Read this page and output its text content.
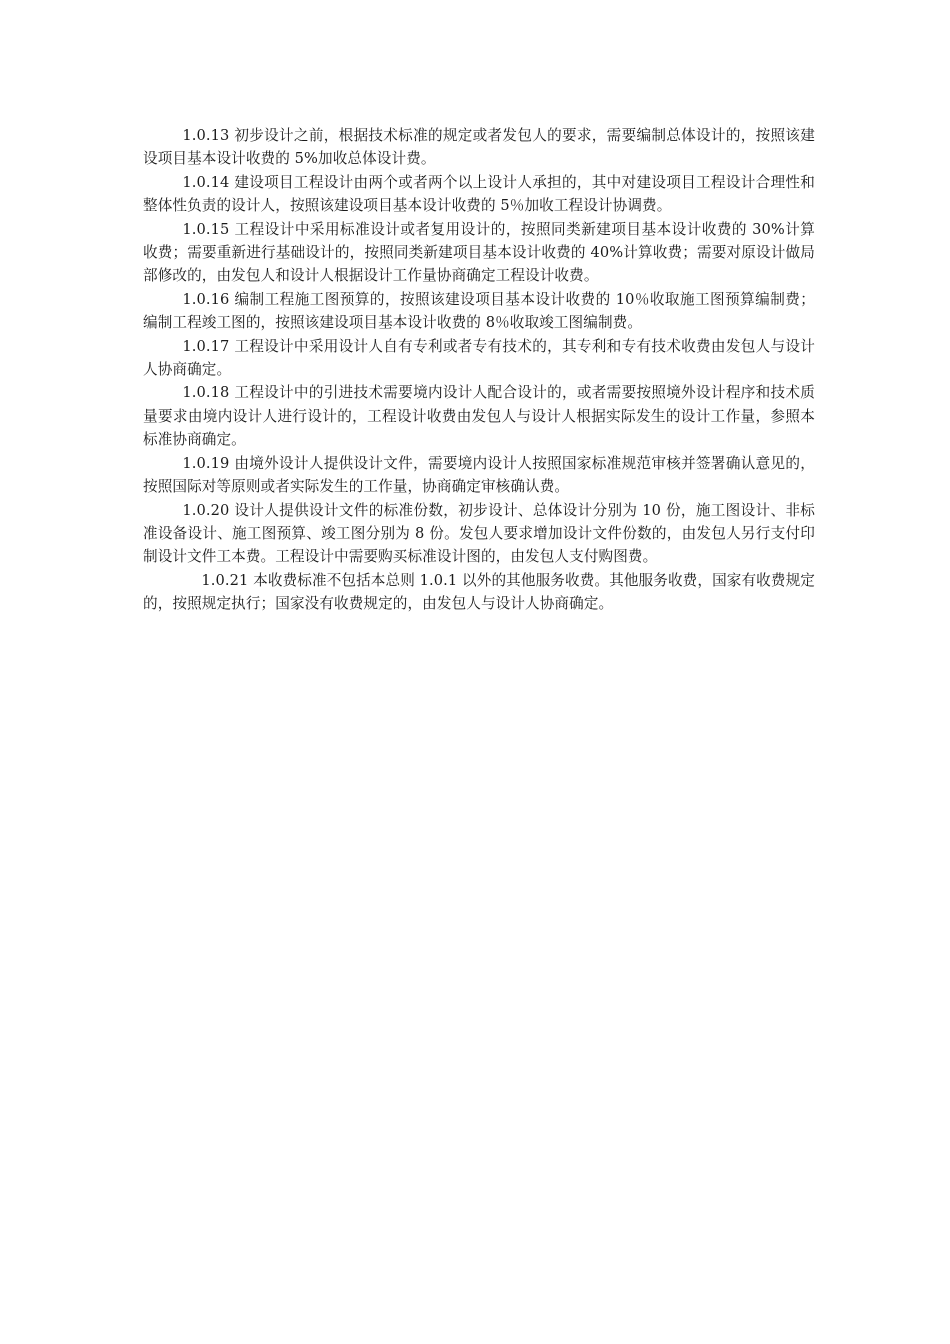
1.0.13 初步设计之前，根据技术标准的规定或者发包人的要求，需要编制总体设计的，按照该建设项目基本设计收费的 5%加收总体设计费。

1.0.14 建设项目工程设计由两个或者两个以上设计人承担的，其中对建设项目工程设计合理性和整体性负责的设计人，按照该建设项目基本设计收费的 5％加收工程设计协调费。

1.0.15 工程设计中采用标准设计或者复用设计的，按照同类新建项目基本设计收费的 30%计算收费；需要重新进行基础设计的，按照同类新建项目基本设计收费的 40%计算收费；需要对原设计做局部修改的，由发包人和设计人根据设计工作量协商确定工程设计收费。

1.0.16 编制工程施工图预算的，按照该建设项目基本设计收费的 10％收取施工图预算编制费；编制工程竣工图的，按照该建设项目基本设计收费的 8％收取竣工图编制费。

1.0.17 工程设计中采用设计人自有专利或者专有技术的，其专利和专有技术收费由发包人与设计人协商确定。

1.0.18 工程设计中的引进技术需要境内设计人配合设计的，或者需要按照境外设计程序和技术质量要求由境内设计人进行设计的，工程设计收费由发包人与设计人根据实际发生的设计工作量，参照本标准协商确定。

1.0.19 由境外设计人提供设计文件，需要境内设计人按照国家标准规范审核并签署确认意见的，按照国际对等原则或者实际发生的工作量，协商确定审核确认费。

1.0.20 设计人提供设计文件的标准份数，初步设计、总体设计分别为 10 份，施工图设计、非标准设备设计、施工图预算、竣工图分别为 8 份。发包人要求增加设计文件份数的，由发包人另行支付印制设计文件工本费。工程设计中需要购买标准设计图的，由发包人支付购图费。

1.0.21 本收费标准不包括本总则 1.0.1 以外的其他服务收费。其他服务收费，国家有收费规定的，按照规定执行；国家没有收费规定的，由发包人与设计人协商确定。
